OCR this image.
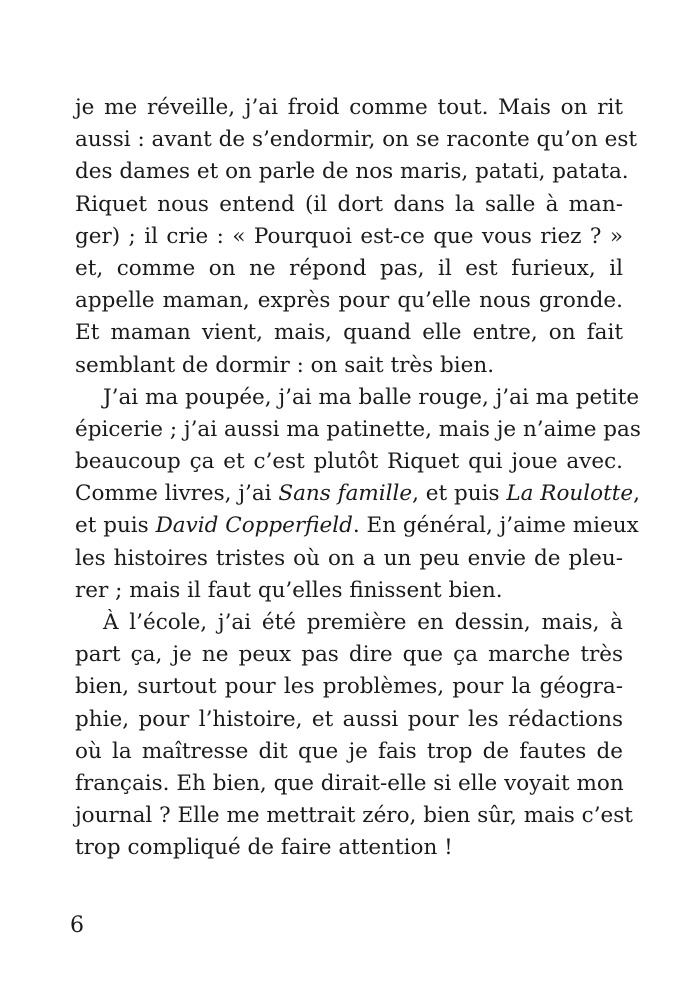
je me réveille, j’ai froid comme tout. Mais on rit
aussi : avant de s’endormir, on se raconte qu’on est
des dames et on parle de nos maris, patati, patata.
Riquet nous entend (il dort dans la salle à man-
ger) ; il crie : « Pourquoi est-ce que vous riez ? »
et, comme on ne répond pas, il est furieux, il
appelle maman, exprès pour qu’elle nous gronde.
Et maman vient, mais, quand elle entre, on fait
semblant de dormir : on sait très bien.
J’ai ma poupée, j’ai ma balle rouge, j’ai ma petite
épicerie ; j’ai aussi ma patinette, mais je n’aime pas
beaucoup ça et c’est plutôt Riquet qui joue avec.
Comme livres, j’ai Sans famille, et puis La Roulotte,
et puis David Copperfield. En général, j’aime mieux
les histoires tristes où on a un peu envie de pleu-
rer ; mais il faut qu’elles finissent bien.
À l’école, j’ai été première en dessin, mais, à
part ça, je ne peux pas dire que ça marche très
bien, surtout pour les problèmes, pour la géogra-
phie, pour l’histoire, et aussi pour les rédactions
où la maîtresse dit que je fais trop de fautes de
français. Eh bien, que dirait-elle si elle voyait mon
journal ? Elle me mettrait zéro, bien sûr, mais c’est
trop compliqué de faire attention !
6
